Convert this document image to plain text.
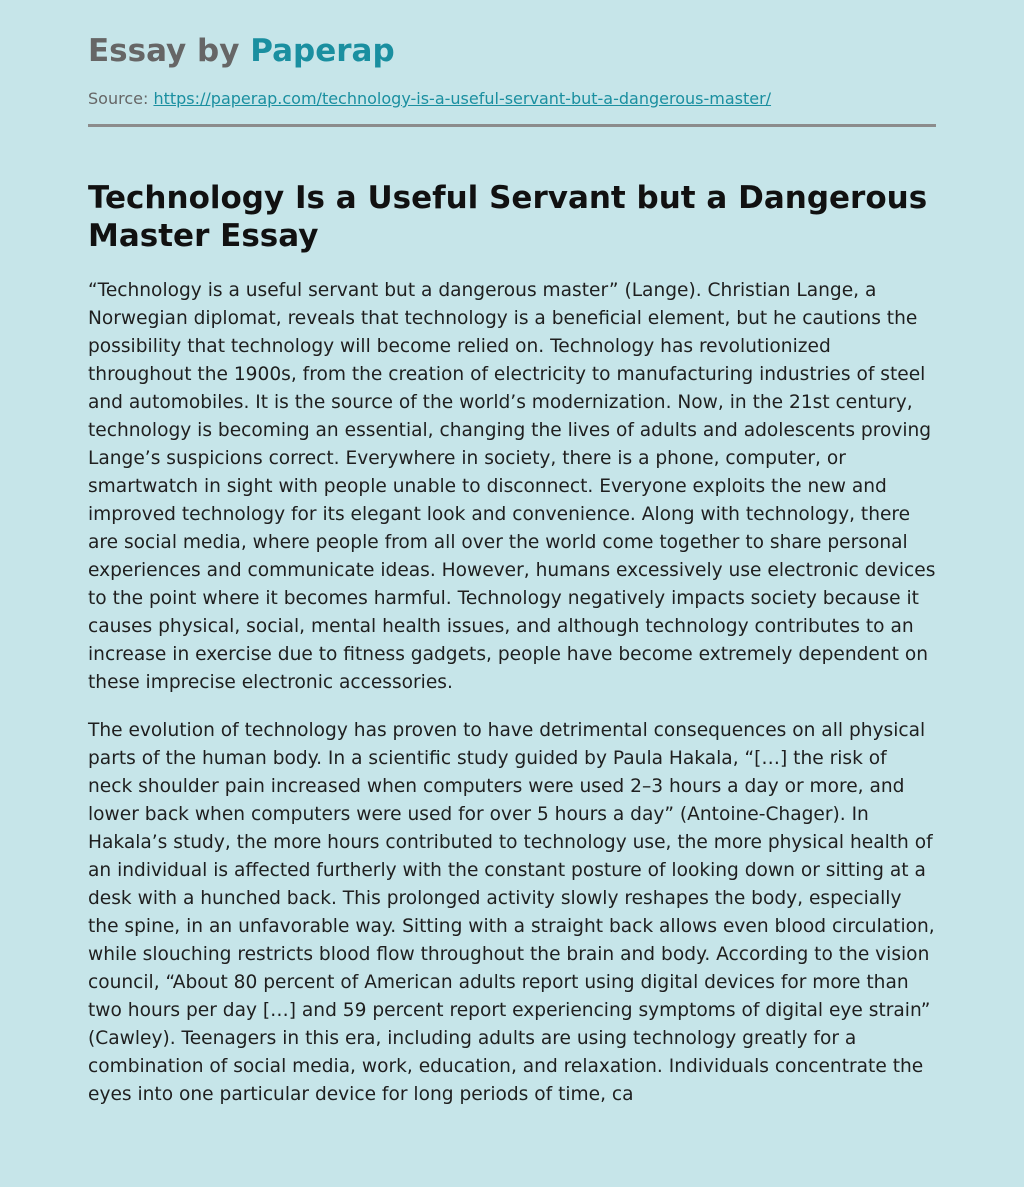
Essay by Paperap
Source: https://paperap.com/technology-is-a-useful-servant-but-a-dangerous-master/
Technology Is a Useful Servant but a Dangerous Master Essay

“Technology is a useful servant but a dangerous master” (Lange). Christian Lange, a Norwegian diplomat, reveals that technology is a beneficial element, but he cautions the possibility that technology will become relied on. Technology has revolutionized throughout the 1900s, from the creation of electricity to manufacturing industries of steel and automobiles. It is the source of the world’s modernization. Now, in the 21st century, technology is becoming an essential, changing the lives of adults and adolescents proving Lange’s suspicions correct. Everywhere in society, there is a phone, computer, or smartwatch in sight with people unable to disconnect. Everyone exploits the new and improved technology for its elegant look and convenience. Along with technology, there are social media, where people from all over the world come together to share personal experiences and communicate ideas. However, humans excessively use electronic devices to the point where it becomes harmful. Technology negatively impacts society because it causes physical, social, mental health issues, and although technology contributes to an increase in exercise due to fitness gadgets, people have become extremely dependent on these imprecise electronic accessories.

The evolution of technology has proven to have detrimental consequences on all physical parts of the human body. In a scientific study guided by Paula Hakala, “[…] the risk of neck shoulder pain increased when computers were used 2–3 hours a day or more, and lower back when computers were used for over 5 hours a day” (Antoine-Chager). In Hakala’s study, the more hours contributed to technology use, the more physical health of an individual is affected furtherly with the constant posture of looking down or sitting at a desk with a hunched back. This prolonged activity slowly reshapes the body, especially the spine, in an unfavorable way. Sitting with a straight back allows even blood circulation, while slouching restricts blood flow throughout the brain and body. According to the vision council, “About 80 percent of American adults report using digital devices for more than two hours per day […] and 59 percent report experiencing symptoms of digital eye strain” (Cawley). Teenagers in this era, including adults are using technology greatly for a combination of social media, work, education, and relaxation. Individuals concentrate the eyes into one particular device for long periods of time, ca
